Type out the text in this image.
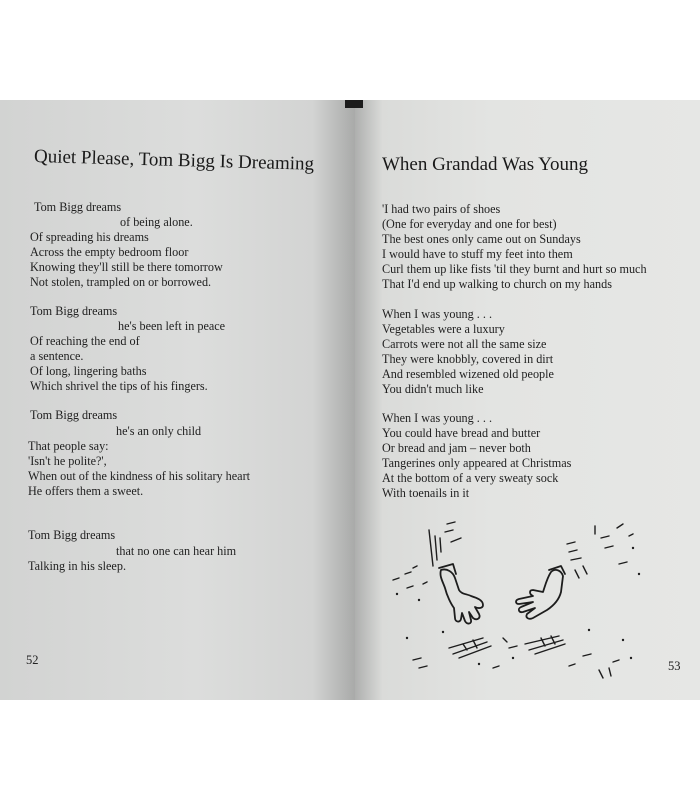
Quiet Please, Tom Bigg Is Dreaming
Tom Bigg dreams
of being alone.
Of spreading his dreams
Across the empty bedroom floor
Knowing they'll still be there tomorrow
Not stolen, trampled on or borrowed.
Tom Bigg dreams
he's been left in peace
Of reaching the end of
a sentence.
Of long, lingering baths
Which shrivel the tips of his fingers.
Tom Bigg dreams
he's an only child
That people say:
'Isn't he polite?',
When out of the kindness of his solitary heart
He offers them a sweet.
Tom Bigg dreams
that no one can hear him
Talking in his sleep.
52
When Grandad Was Young
'I had two pairs of shoes
(One for everyday and one for best)
The best ones only came out on Sundays
I would have to stuff my feet into them
Curl them up like fists 'til they burnt and hurt so much
That I'd end up walking to church on my hands
When I was young . . .
Vegetables were a luxury
Carrots were not all the same size
They were knobbly, covered in dirt
And resembled wizened old people
You didn't much like
When I was young . . .
You could have bread and butter
Or bread and jam – never both
Tangerines only appeared at Christmas
At the bottom of a very sweaty sock
With toenails in it
53
